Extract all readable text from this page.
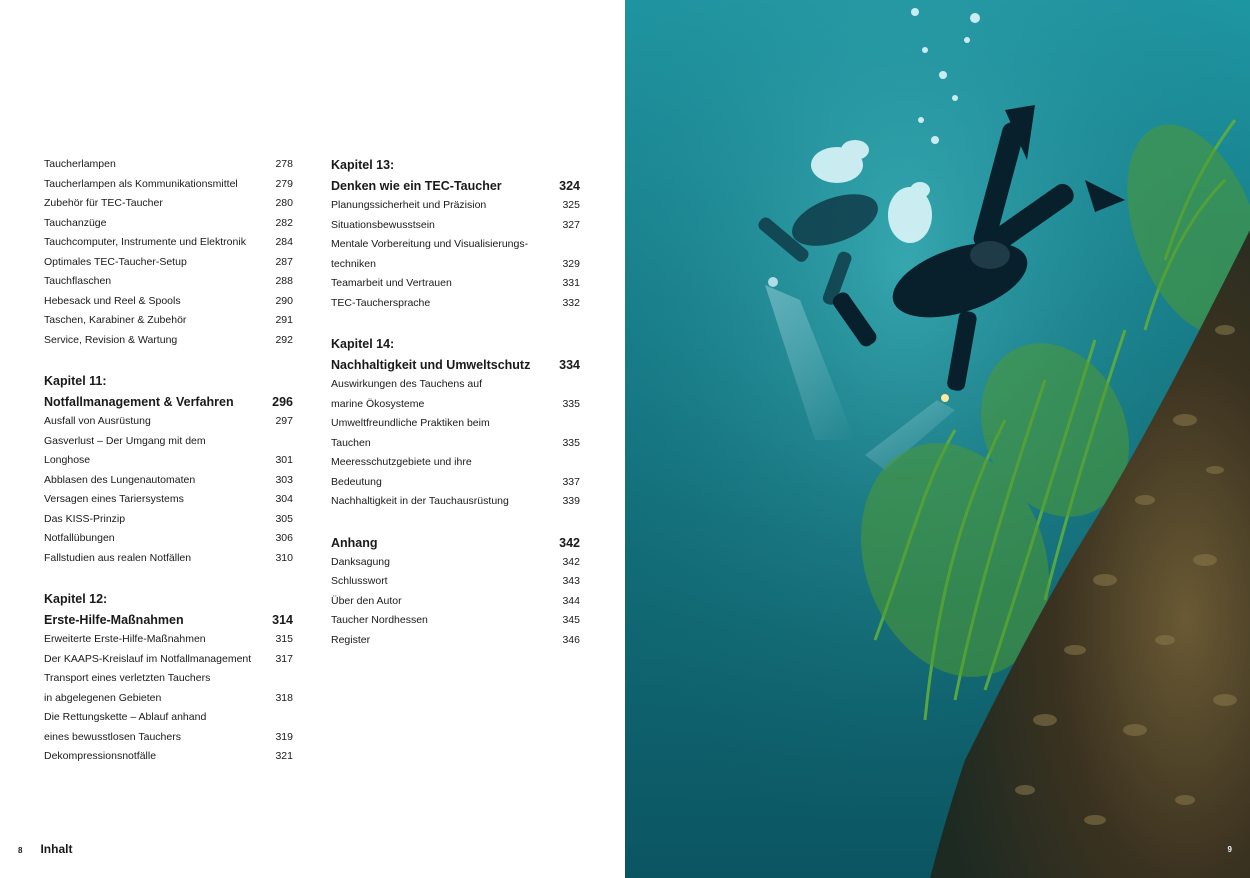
Taucherlampen	278
Taucherlampen als Kommunikationsmittel	279
Zubehör für TEC-Taucher	280
Tauchanzüge	282
Tauchcomputer, Instrumente und Elektronik	284
Optimales TEC-Taucher-Setup	287
Tauchflaschen	288
Hebesack und Reel & Spools	290
Taschen, Karabiner & Zubehör	291
Service, Revision & Wartung	292
Kapitel 11:
Notfallmanagement & Verfahren	296
Ausfall von Ausrüstung	297
Gasverlust – Der Umgang mit dem
Longhose	301
Abblasen des Lungenautomaten	303
Versagen eines Tariersystems	304
Das KISS-Prinzip	305
Notfallübungen	306
Fallstudien aus realen Notfällen	310
Kapitel 12:
Erste-Hilfe-Maßnahmen	314
Erweiterte Erste-Hilfe-Maßnahmen	315
Der KAAPS-Kreislauf im Notfallmanagement 317
Transport eines verletzten Tauchers
in abgelegenen Gebieten	318
Die Rettungskette – Ablauf anhand
eines bewusstlosen Tauchers	319
Dekompressionsnotfälle	321
Kapitel 13:
Denken wie ein TEC-Taucher	324
Planungssicherheit und Präzision	325
Situationsbewusstsein	327
Mentale Vorbereitung und Visualisierungs-
techniken	329
Teamarbeit und Vertrauen	331
TEC-Tauchersprache	332
Kapitel 14:
Nachhaltigkeit und Umweltschutz 334
Auswirkungen des Tauchens auf
marine Ökosysteme	335
Umweltfreundliche Praktiken beim
Tauchen	335
Meeresschutzgebiete und ihre
Bedeutung	337
Nachhaltigkeit in der Tauchausrüstung	339
Anhang	342
Danksagung	342
Schlusswort	343
Über den Autor	344
Taucher Nordhessen	345
Register	346
8 Inhalt	9
